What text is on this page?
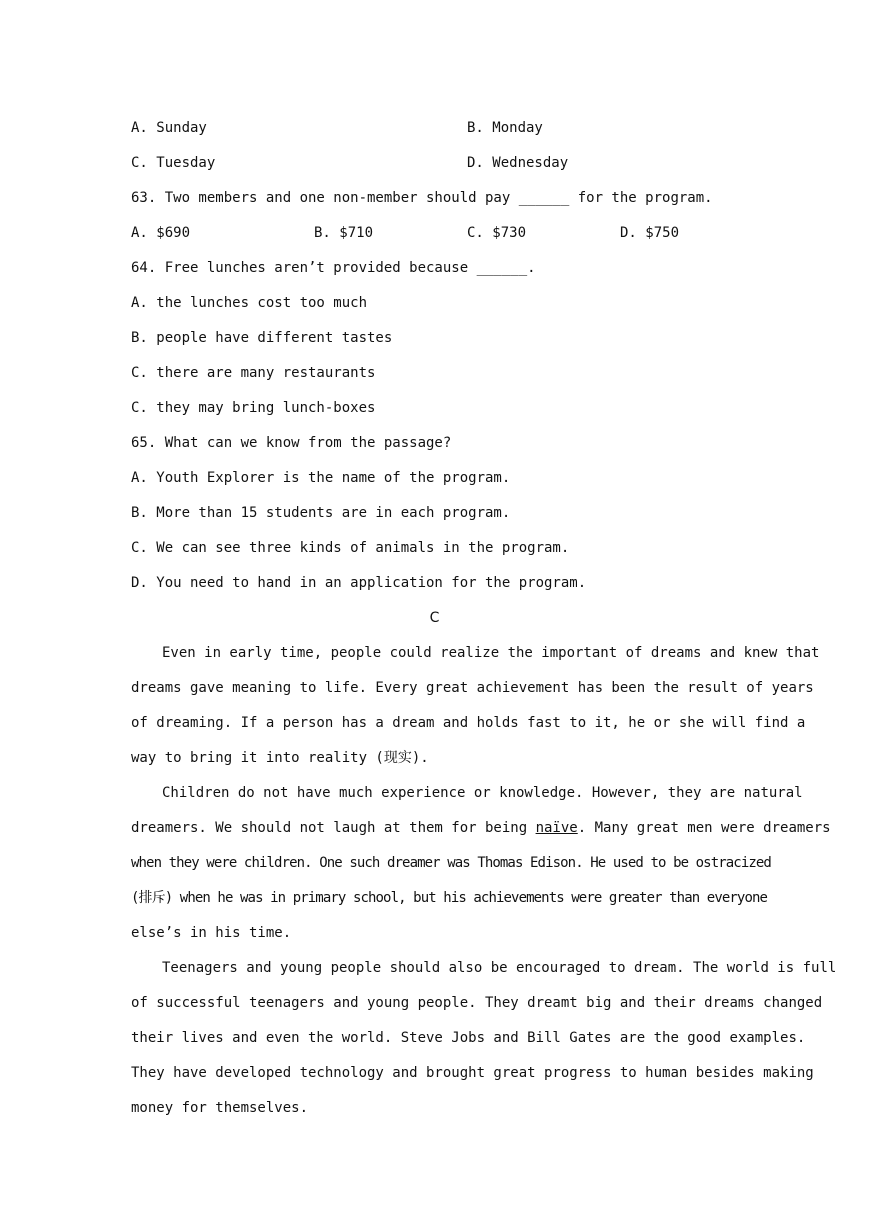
A. Sunday	B. Monday
C. Tuesday	D. Wednesday
63. Two members and one non-member should pay ______ for the program.
A. $690	B. $710	C. $730	D. $750
64. Free lunches aren’t provided because ______.
A. the lunches cost too much
B. people have different tastes
C. there are many restaurants
C. they may bring lunch-boxes
65. What can we know from the passage?
A. Youth Explorer is the name of the program.
B. More than 15 students are in each program.
C. We can see three kinds of animals in the program.
D. You need to hand in an application for the program.
C
Even in early time, people could realize the important of dreams and knew that
dreams gave meaning to life. Every great achievement has been the result of years
of dreaming. If a person has a dream and holds fast to it, he or she will find a
way to bring it into reality (现实).
Children do not have much experience or knowledge. However, they are natural
dreamers. We should not laugh at them for being naïve. Many great men were dreamers
when they were children. One such dreamer was Thomas Edison. He used to be ostracized
(排斥) when he was in primary school, but his achievements were greater than everyone
else’s in his time.
Teenagers and young people should also be encouraged to dream. The world is full
of successful teenagers and young people. They dreamt big and their dreams changed
their lives and even the world. Steve Jobs and Bill Gates are the good examples.
They have developed technology and brought great progress to human besides making
money for themselves.
